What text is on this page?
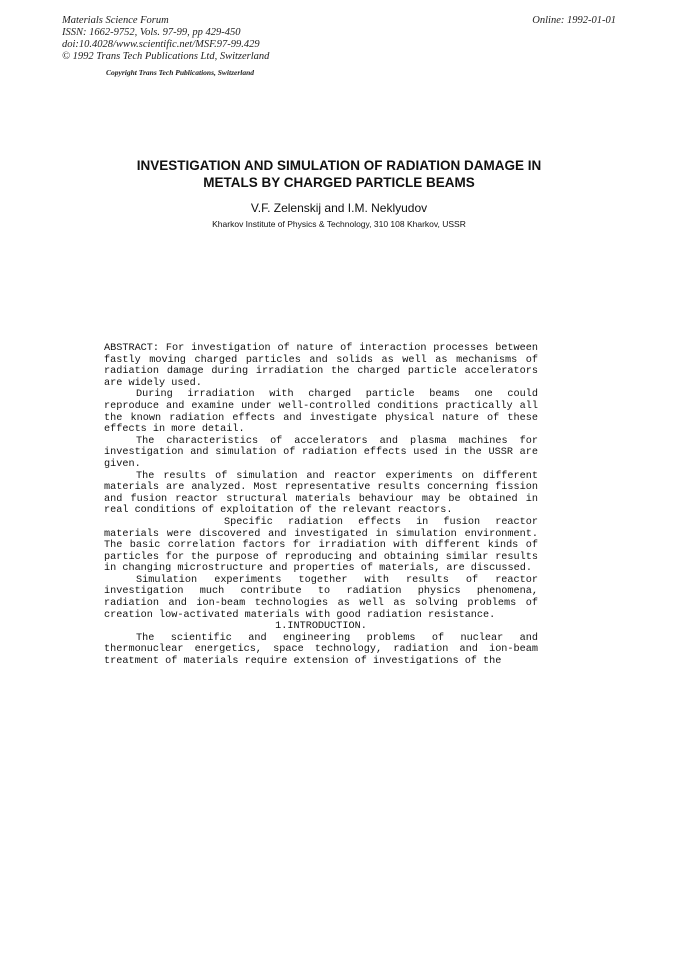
Materials Science Forum
ISSN: 1662-9752, Vols. 97-99, pp 429-450
doi:10.4028/www.scientific.net/MSF.97-99.429
© 1992 Trans Tech Publications Ltd, Switzerland
Online: 1992-01-01
Copyright Trans Tech Publications, Switzerland
INVESTIGATION AND SIMULATION OF RADIATION DAMAGE IN
METALS BY CHARGED PARTICLE BEAMS
V.F. Zelenskij and I.M. Neklyudov
Kharkov Institute of Physics & Technology, 310 108 Kharkov, USSR

ABSTRACT: For investigation of nature of interaction processes between fastly moving charged particles and solids as well as mechanisms of radiation damage during irradiation the charged particle accelerators are widely used.

During irradiation with charged particle beams one could reproduce and examine under well-controlled conditions practically all the known radiation effects and investigate physical nature of these effects in more detail.

The characteristics of accelerators and plasma machines for investigation and simulation of radiation effects used in the USSR are given.

The results of simulation and reactor experiments on different materials are analyzed. Most representative results concerning fission and fusion reactor structural materials behaviour may be obtained in real conditions of exploitation of the relevant reactors.

Specific radiation effects in fusion reactor materials were discovered and investigated in simulation environment. The basic correlation factors for irradiation with different kinds of particles for the purpose of reproducing and obtaining similar results in changing microstructure and properties of materials, are discussed.

Simulation experiments together with results of reactor investigation much contribute to radiation physics phenomena, radiation and ion-beam technologies as well as solving problems of creation low-activated materials with good radiation resistance.

1.INTRODUCTION.

The scientific and engineering problems of nuclear and thermonuclear energetics, space technology, radiation and ion-beam treatment of materials require extension of investigations of the
